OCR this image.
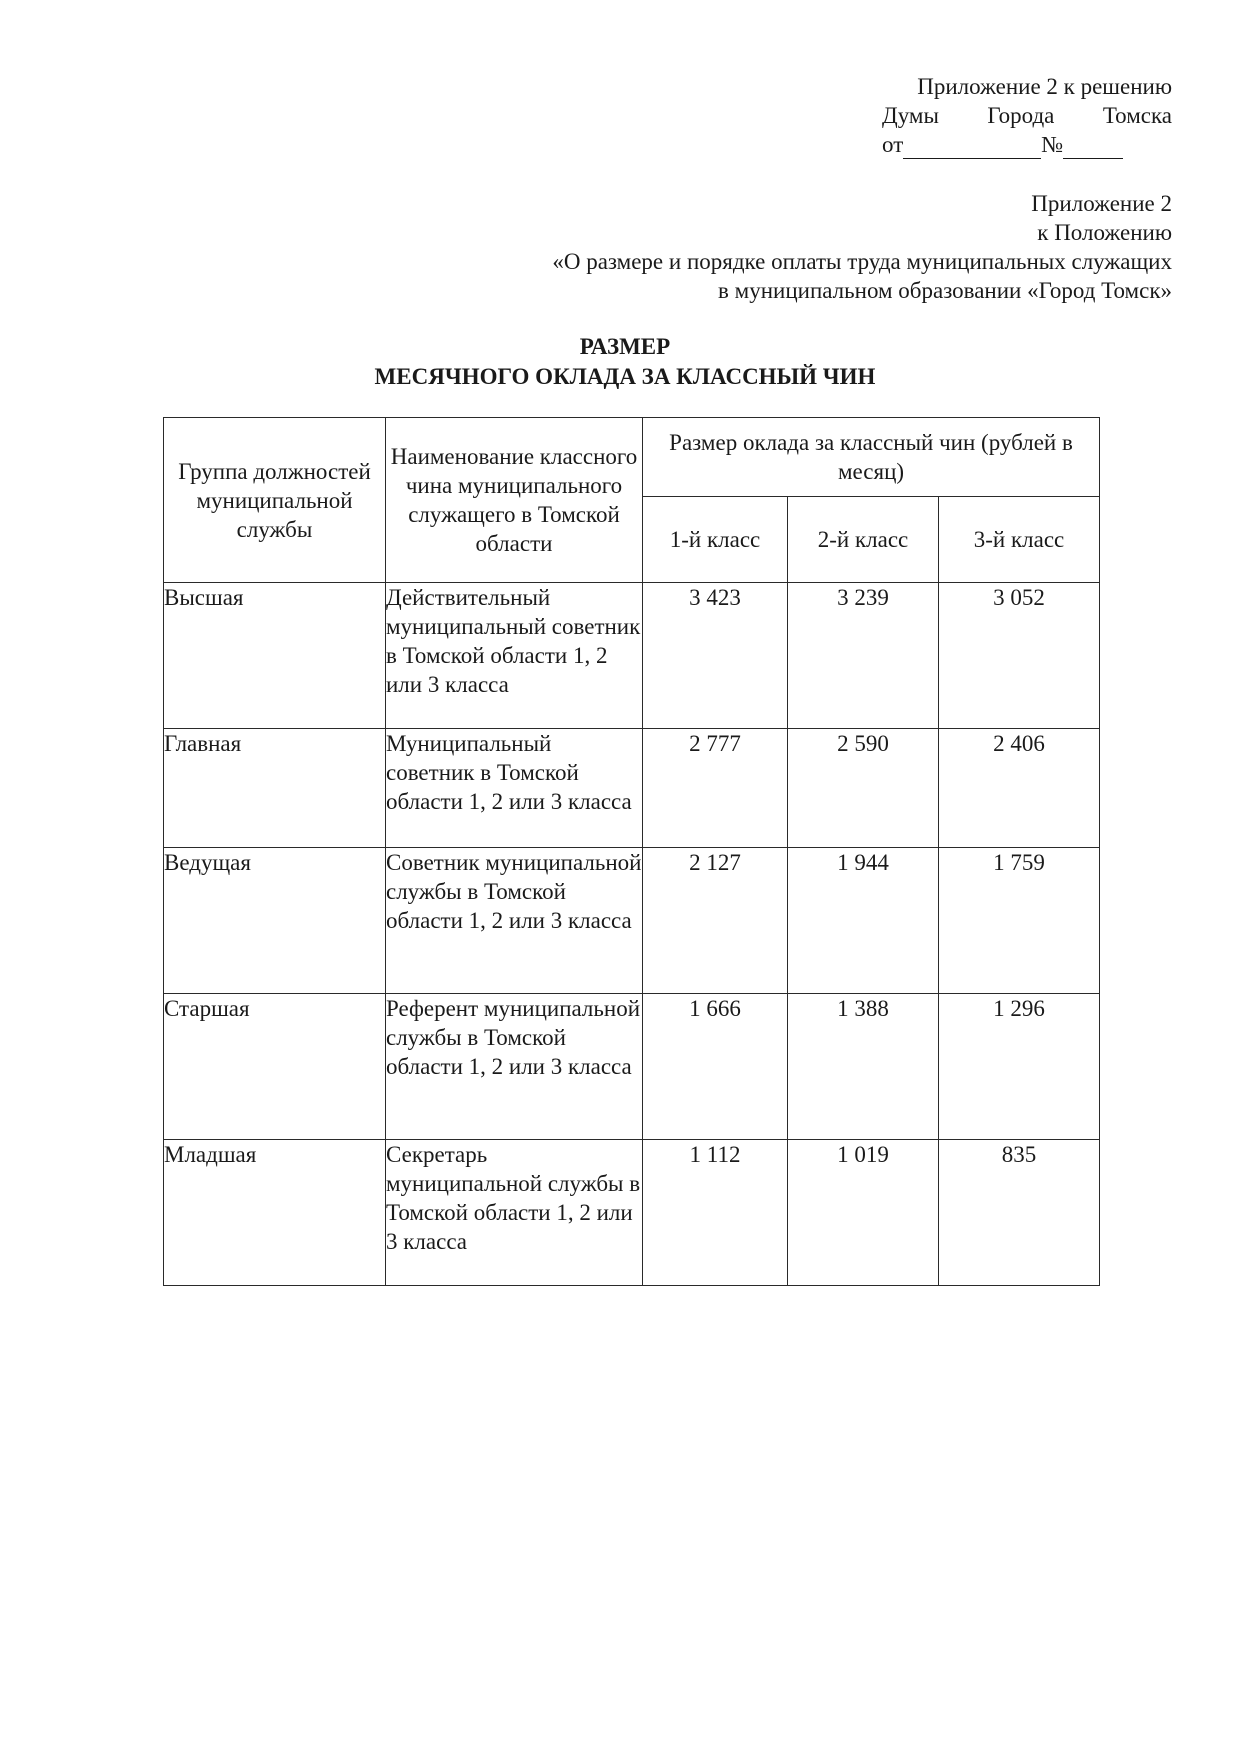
Приложение 2 к решению
Думы Города Томска
от	№
Приложение 2
к Положению
«О размере и порядке оплаты труда муниципальных служащих
в муниципальном образовании «Город Томск»
РАЗМЕР
МЕСЯЧНОГО ОКЛАДА ЗА КЛАССНЫЙ ЧИН
Группа должностей муниципальной службы	Наименование классного чина муниципального служащего в Томской области	Размер оклада за классный чин (рублей в месяц)		
		1-й класс	2-й класс	3-й класс
Высшая	Действительный муниципальный советник в Томской области 1, 2 или 3 класса	3 423	3 239	3 052
Главная	Муниципальный советник в Томской области 1, 2 или 3 класса	2 777	2 590	2 406
Ведущая	Советник муниципальной службы в Томской области 1, 2 или 3 класса	2 127	1 944	1 759
Старшая	Референт муниципальной службы в Томской области 1, 2 или 3 класса	1 666	1 388	1 296
Младшая	Секретарь муниципальной службы в Томской области 1, 2 или 3 класса	1 112	1 019	835
